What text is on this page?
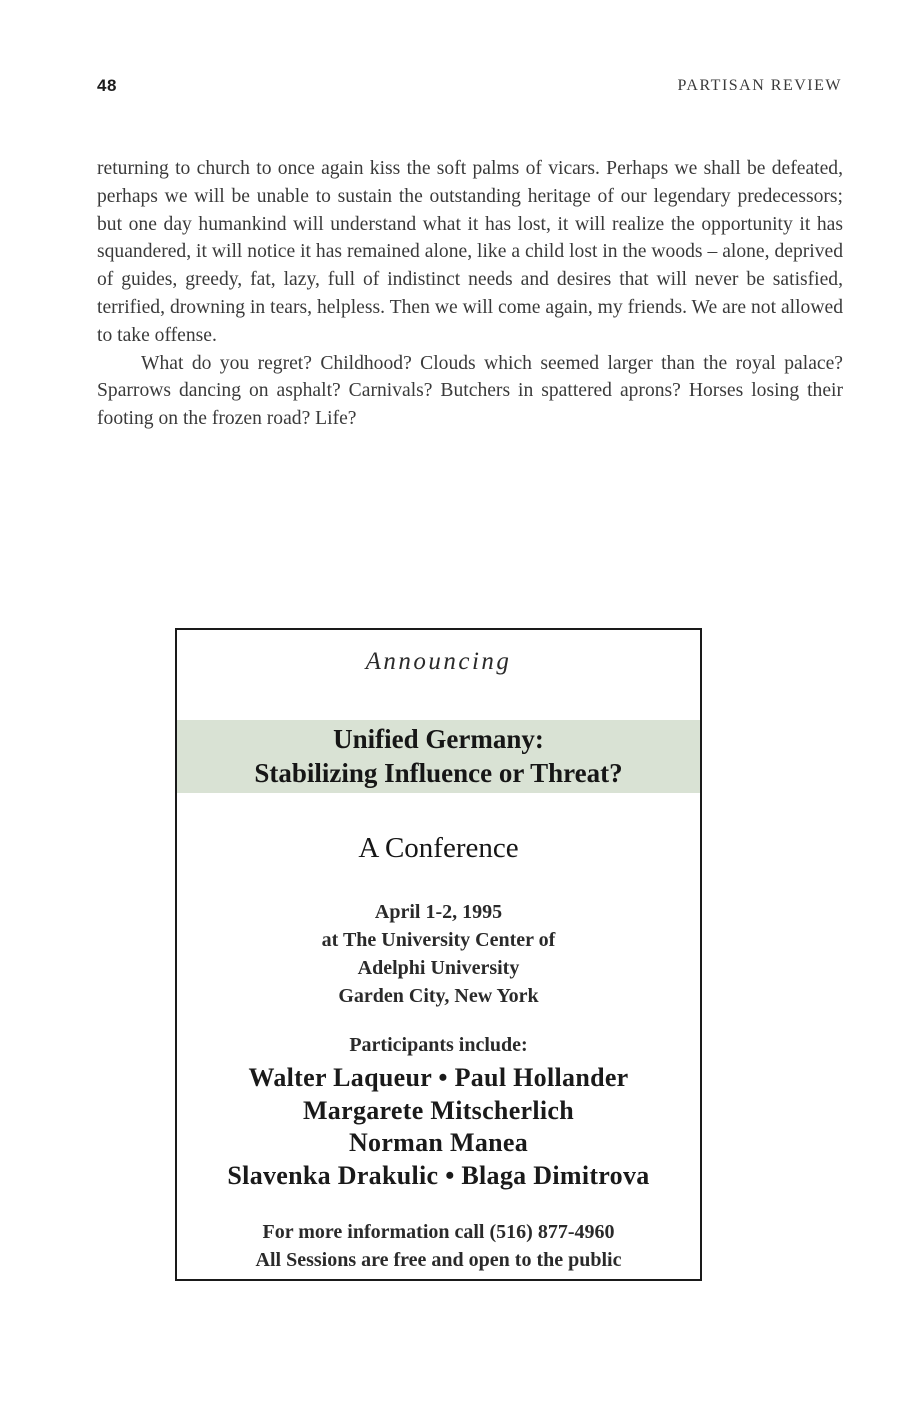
48	PARTISAN REVIEW

returning to church to once again kiss the soft palms of vicars. Perhaps we shall be defeated, perhaps we will be unable to sustain the outstanding heritage of our legendary predecessors; but one day humankind will understand what it has lost, it will realize the opportunity it has squandered, it will notice it has remained alone, like a child lost in the woods – alone, deprived of guides, greedy, fat, lazy, full of indistinct needs and desires that will never be satisfied, terrified, drowning in tears, helpless. Then we will come again, my friends. We are not allowed to take offense.

What do you regret? Childhood? Clouds which seemed larger than the royal palace? Sparrows dancing on asphalt? Carnivals? Butchers in spattered aprons? Horses losing their footing on the frozen road? Life?

Announcing
Unified Germany:
Stabilizing Influence or Threat?
A Conference
April 1-2, 1995
at The University Center of
Adelphi University
Garden City, New York
Participants include:
Walter Laqueur • Paul Hollander
Margarete Mitscherlich
Norman Manea
Slavenka Drakulic • Blaga Dimitrova
For more information call (516) 877-4960
All Sessions are free and open to the public
